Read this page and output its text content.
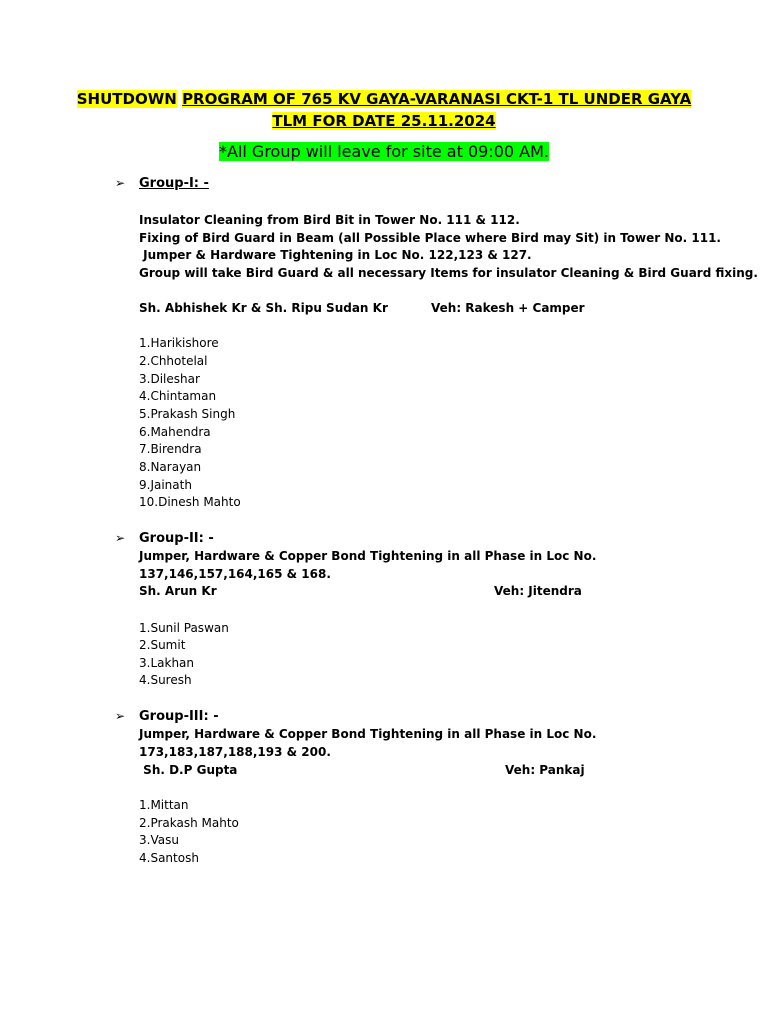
SHUTDOWN PROGRAM OF 765 KV GAYA-VARANASI CKT-1 TL UNDER GAYA
TLM FOR DATE 25.11.2024
*All Group will leave for site at 09:00 AM.
➢ Group-I: -
Insulator Cleaning from Bird Bit in Tower No. 111 & 112.
Fixing of Bird Guard in Beam (all Possible Place where Bird may Sit) in Tower No. 111.
Jumper & Hardware Tightening in Loc No. 122,123 & 127.
Group will take Bird Guard & all necessary Items for insulator Cleaning & Bird Guard fixing.
Sh. Abhishek Kr & Sh. Ripu Sudan Kr	Veh: Rakesh + Camper
1.Harikishore
2.Chhotelal
3.Dileshar
4.Chintaman
5.Prakash Singh
6.Mahendra
7.Birendra
8.Narayan
9.Jainath
10.Dinesh Mahto
➢ Group-II: -
Jumper, Hardware & Copper Bond Tightening in all Phase in Loc No. 137,146,157,164,165 & 168.
Sh. Arun Kr	Veh: Jitendra
1.Sunil Paswan
2.Sumit
3.Lakhan
4.Suresh
➢ Group-III: -
Jumper, Hardware & Copper Bond Tightening in all Phase in Loc No. 173,183,187,188,193 & 200.
Sh. D.P Gupta	Veh: Pankaj
1.Mittan
2.Prakash Mahto
3.Vasu
4.Santosh
